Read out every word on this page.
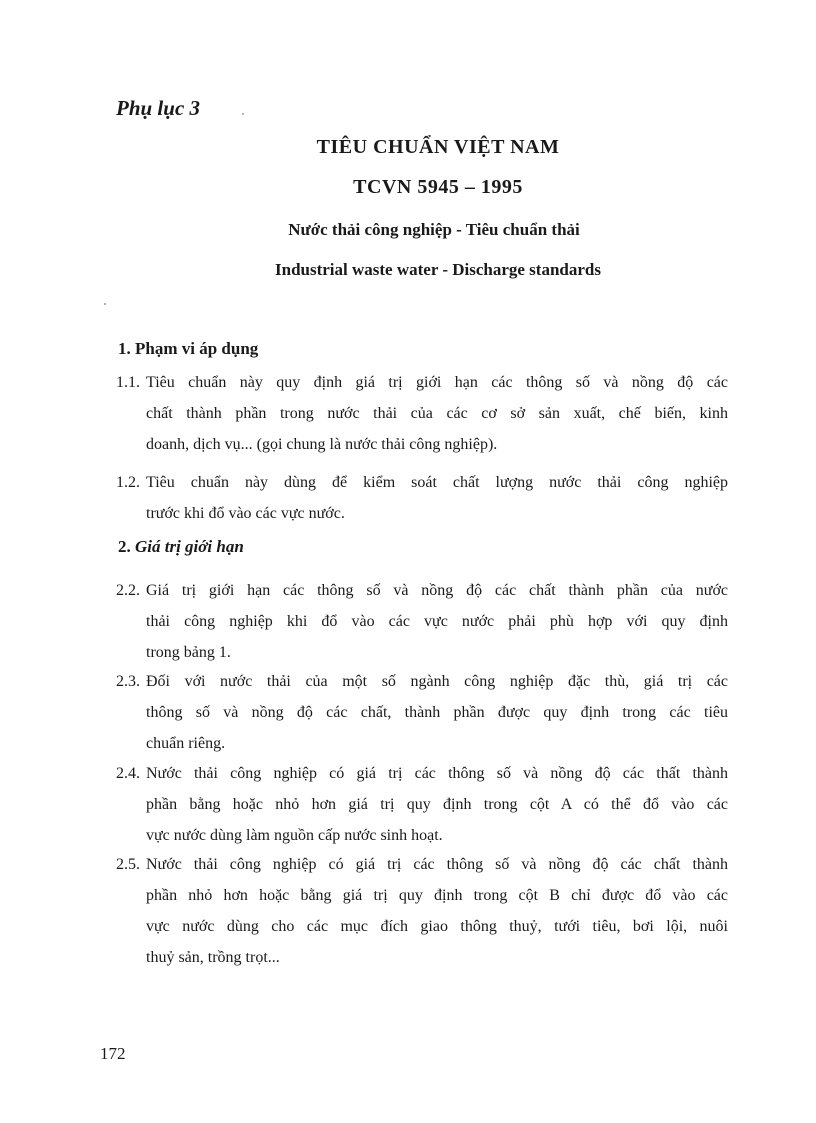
Phụ lục 3
TIÊU CHUẨN VIỆT NAM
TCVN 5945 – 1995
Nước thải công nghiệp - Tiêu chuẩn thải
Industrial waste water - Discharge standards
1. Phạm vi áp dụng
1.1. Tiêu chuẩn này quy định giá trị giới hạn các thông số và nồng độ các
chất thành phần trong nước thải của các cơ sở sản xuất, chế biến, kinh
doanh, dịch vụ... (gọi chung là nước thải công nghiệp).
1.2. Tiêu chuẩn này dùng để kiểm soát chất lượng nước thải công nghiệp
trước khi đổ vào các vực nước.
2. Giá trị giới hạn
2.2. Giá trị giới hạn các thông số và nồng độ các chất thành phần của nước
thải công nghiệp khi đổ vào các vực nước phải phù hợp với quy định
trong bảng 1.
2.3. Đối với nước thải của một số ngành công nghiệp đặc thù, giá trị các
thông số và nồng độ các chất, thành phần được quy định trong các tiêu
chuẩn riêng.
2.4. Nước thải công nghiệp có giá trị các thông số và nồng độ các thất thành
phần bằng hoặc nhỏ hơn giá trị quy định trong cột A có thể đổ vào các
vực nước dùng làm nguồn cấp nước sinh hoạt.
2.5. Nước thải công nghiệp có giá trị các thông số và nồng độ các chất thành
phần nhỏ hơn hoặc bằng giá trị quy định trong cột B chỉ được đổ vào các
vực nước dùng cho các mục đích giao thông thuỷ, tưới tiêu, bơi lội, nuôi
thuỷ sản, trồng trọt...
172
